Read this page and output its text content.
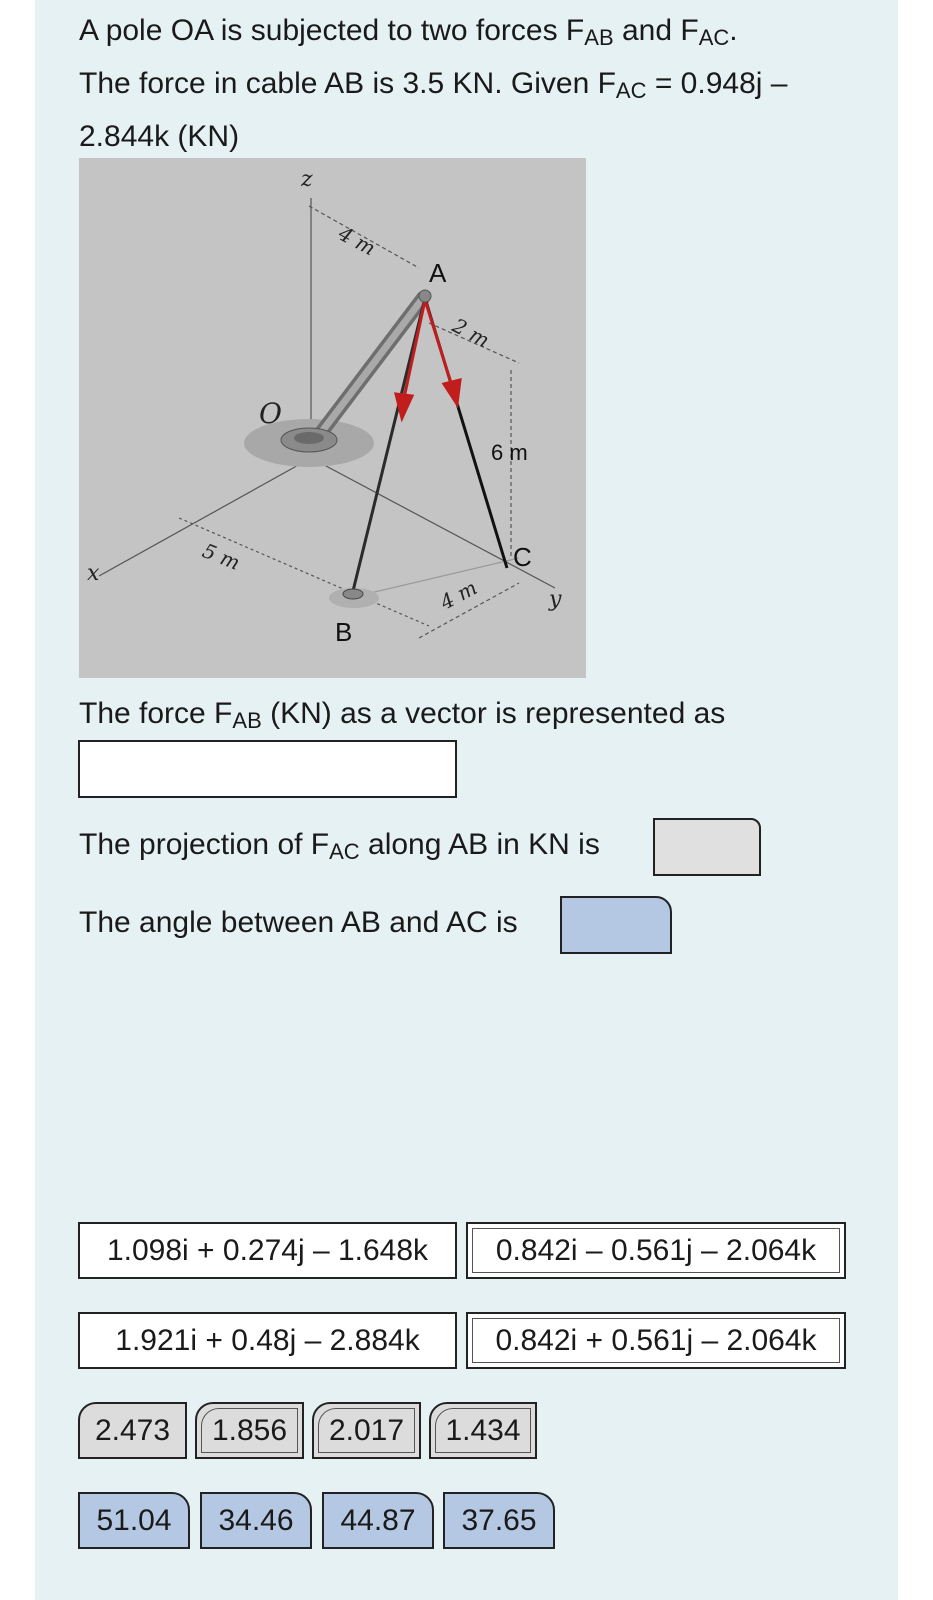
A pole OA is subjected to two forces $F_{AB}$ and $F_{AC}$.
The force in cable AB is 3.5 KN. Given $F_{AC} = 0.948j$ –
2.844k (KN)
z
x
y
A
B
C
O
4 m
2 m
6 m
5 m
4 m
The force $F_{AB}$ (KN) as a vector is represented as
The projection of $F_{AC}$ along AB in KN is
The angle between AB and AC is
1.098i + 0.274j – 1.648k 0.842i – 0.561j – 2.064k
1.921i + 0.48j – 2.884k	0.842i + 0.561j – 2.064k
2.473 1.856 2.017 1.434
51.04 34.46 44.87 37.65
